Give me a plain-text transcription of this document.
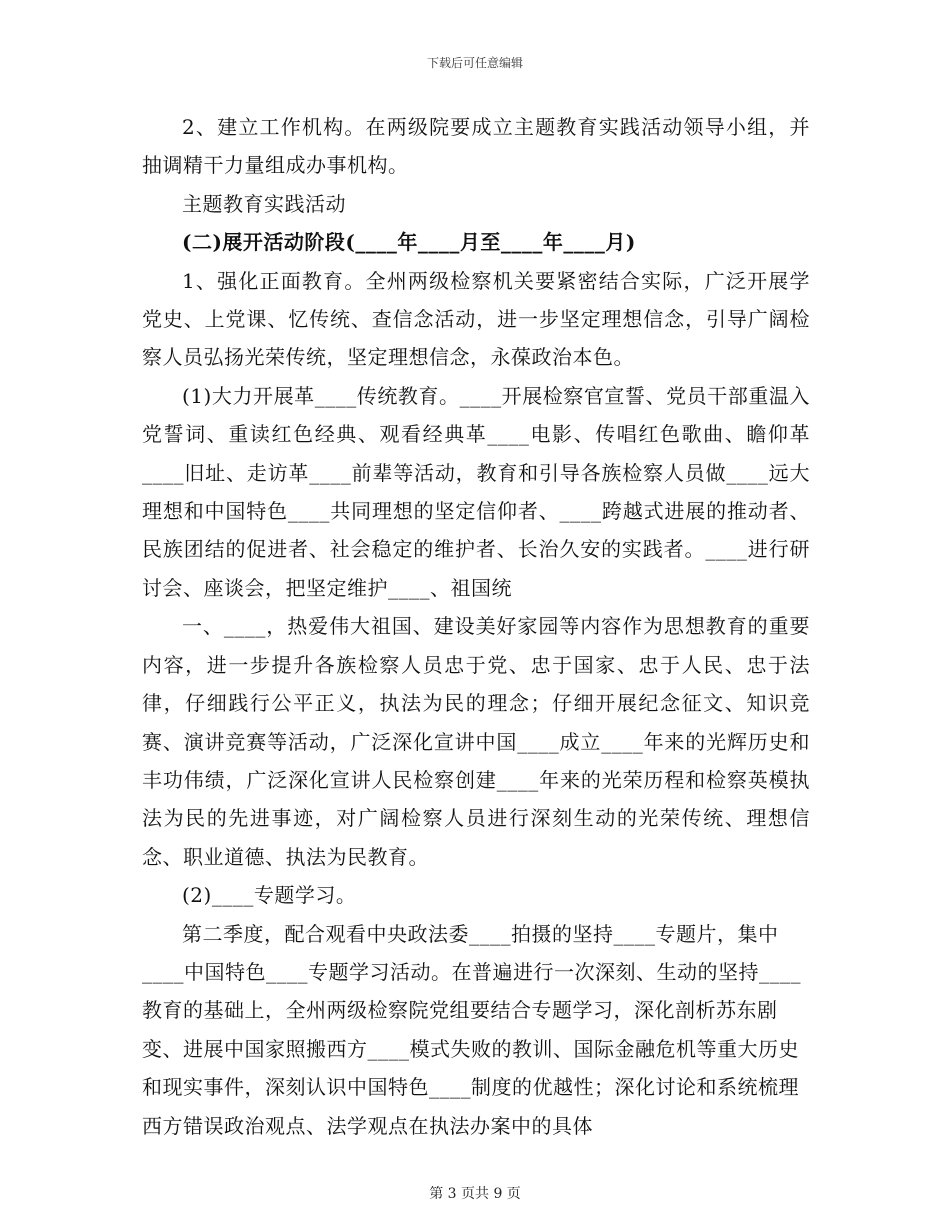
下载后可任意编辑

2、建立工作机构。在两级院要成立主题教育实践活动领导小组，并抽调精干力量组成办事机构。

主题教育实践活动

(二)展开活动阶段(____年____月至____年____月)

1、强化正面教育。全州两级检察机关要紧密结合实际，广泛开展学党史、上党课、忆传统、查信念活动，进一步坚定理想信念，引导广阔检察人员弘扬光荣传统，坚定理想信念，永葆政治本色。

(1)大力开展革____传统教育。____开展检察官宣誓、党员干部重温入党誓词、重读红色经典、观看经典革____电影、传唱红色歌曲、瞻仰革____旧址、走访革____前辈等活动，教育和引导各族检察人员做____远大理想和中国特色____共同理想的坚定信仰者、____跨越式进展的推动者、民族团结的促进者、社会稳定的维护者、长治久安的实践者。____进行研讨会、座谈会，把坚定维护____、祖国统

一、____，热爱伟大祖国、建设美好家园等内容作为思想教育的重要内容，进一步提升各族检察人员忠于党、忠于国家、忠于人民、忠于法律，仔细践行公平正义，执法为民的理念；仔细开展纪念征文、知识竞赛、演讲竞赛等活动，广泛深化宣讲中国____成立____年来的光辉历史和丰功伟绩，广泛深化宣讲人民检察创建____年来的光荣历程和检察英模执法为民的先进事迹，对广阔检察人员进行深刻生动的光荣传统、理想信念、职业道德、执法为民教育。

(2)____专题学习。

第二季度，配合观看中央政法委____拍摄的坚持____专题片，集中____中国特色____专题学习活动。在普遍进行一次深刻、生动的坚持____教育的基础上，全州两级检察院党组要结合专题学习，深化剖析苏东剧变、进展中国家照搬西方____模式失败的教训、国际金融危机等重大历史和现实事件，深刻认识中国特色____制度的优越性；深化讨论和系统梳理西方错误政治观点、法学观点在执法办案中的具体

第 3 页共 9 页
